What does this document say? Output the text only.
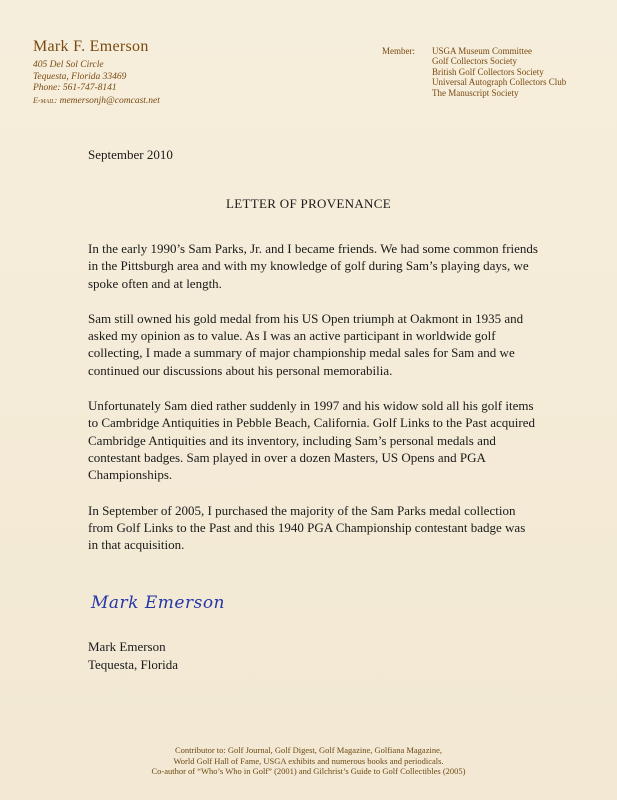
Mark F. Emerson
405 Del Sol Circle
Tequesta, Florida 33469
Phone: 561-747-8141
E-mail: memersonjh@comcast.net
Member: USGA Museum Committee
Golf Collectors Society
British Golf Collectors Society
Universal Autograph Collectors Club
The Manuscript Society
September 2010
LETTER OF PROVENANCE

In the early 1990’s Sam Parks, Jr. and I became friends. We had some common friends in the Pittsburgh area and with my knowledge of golf during Sam’s playing days, we spoke often and at length.

Sam still owned his gold medal from his US Open triumph at Oakmont in 1935 and asked my opinion as to value. As I was an active participant in worldwide golf collecting, I made a summary of major championship medal sales for Sam and we continued our discussions about his personal memorabilia.

Unfortunately Sam died rather suddenly in 1997 and his widow sold all his golf items to Cambridge Antiquities in Pebble Beach, California. Golf Links to the Past acquired Cambridge Antiquities and its inventory, including Sam’s personal medals and contestant badges. Sam played in over a dozen Masters, US Opens and PGA Championships.

In September of 2005, I purchased the majority of the Sam Parks medal collection from Golf Links to the Past and this 1940 PGA Championship contestant badge was in that acquisition.

Mark Emerson
Mark Emerson
Tequesta, Florida
Contributor to: Golf Journal, Golf Digest, Golf Magazine, Golfiana Magazine,
World Golf Hall of Fame, USGA exhibits and numerous books and periodicals.
Co-author of “Who’s Who in Golf” (2001) and Gilchrist’s Guide to Golf Collectibles (2005)
